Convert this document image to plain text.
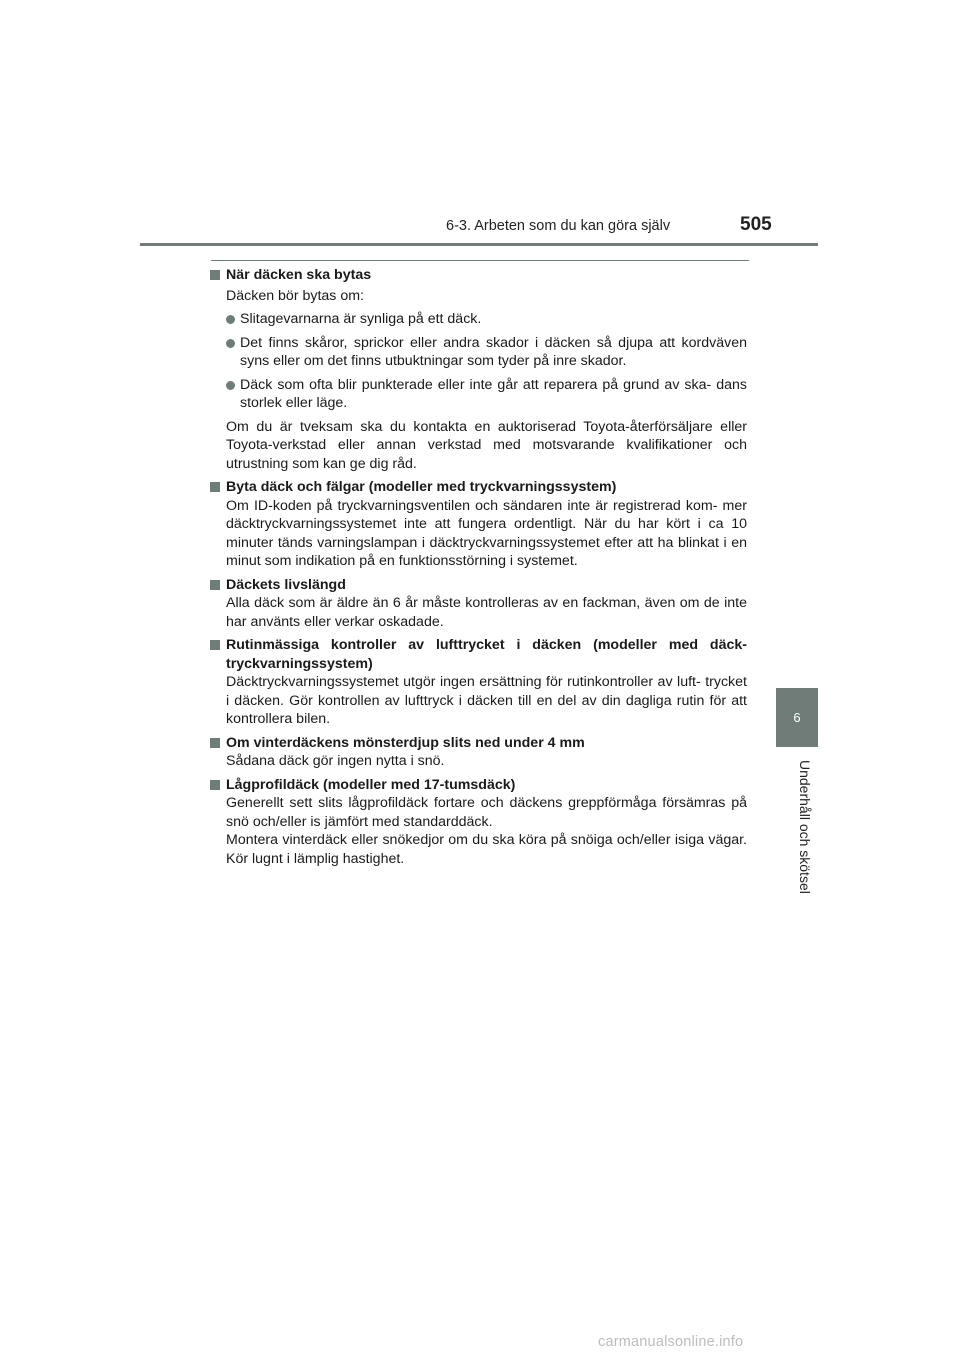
6-3. Arbeten som du kan göra själv	505
6
Underhåll och skötsel
När däcken ska bytas
Däcken bör bytas om:
Slitagevarnarna är synliga på ett däck.
Det finns skåror, sprickor eller andra skador i däcken så djupa att kordväven syns eller om det finns utbuktningar som tyder på inre skador.
Däck som ofta blir punkterade eller inte går att reparera på grund av ska- dans storlek eller läge.
Om du är tveksam ska du kontakta en auktoriserad Toyota-återförsäljare eller Toyota-verkstad eller annan verkstad med motsvarande kvalifikationer och utrustning som kan ge dig råd.
Byta däck och fälgar (modeller med tryckvarningssystem)
Om ID-koden på tryckvarningsventilen och sändaren inte är registrerad kom- mer däcktryckvarningssystemet inte att fungera ordentligt. När du har kört i ca 10 minuter tänds varningslampan i däcktryckvarningssystemet efter att ha blinkat i en minut som indikation på en funktionsstörning i systemet.
Däckets livslängd
Alla däck som är äldre än 6 år måste kontrolleras av en fackman, även om de inte har använts eller verkar oskadade.
Rutinmässiga kontroller av lufttrycket i däcken (modeller med däck- tryckvarningssystem)
Däcktryckvarningssystemet utgör ingen ersättning för rutinkontroller av luft- trycket i däcken. Gör kontrollen av lufttryck i däcken till en del av din dagliga rutin för att kontrollera bilen.
Om vinterdäckens mönsterdjup slits ned under 4 mm
Sådana däck gör ingen nytta i snö.
Lågprofildäck (modeller med 17-tumsdäck)
Generellt sett slits lågprofildäck fortare och däckens greppförmåga försämras på snö och/eller is jämfört med standarddäck.
Montera vinterdäck eller snökedjor om du ska köra på snöiga och/eller isiga vägar. Kör lugnt i lämplig hastighet.
carmanualsonline.info
